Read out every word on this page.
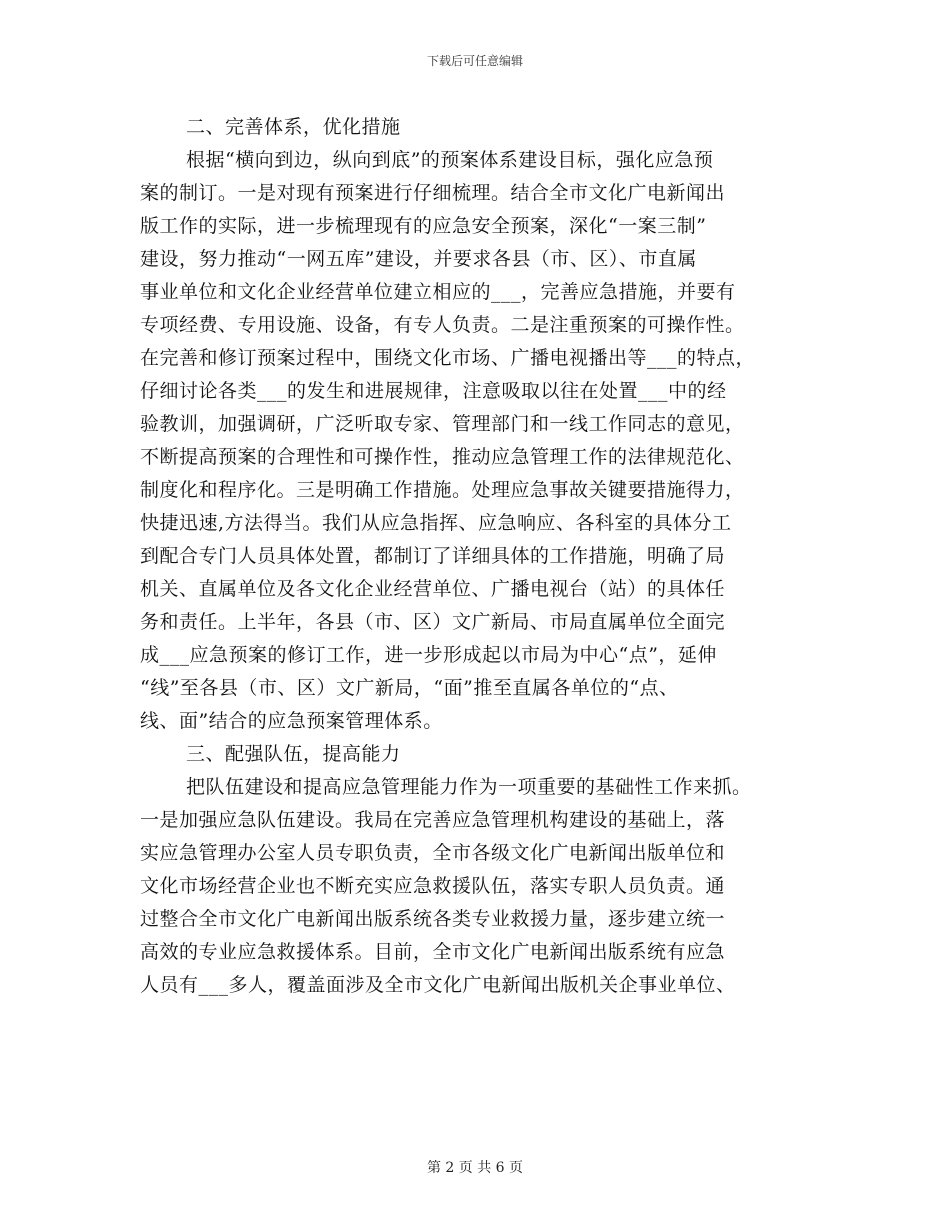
下载后可任意编辑
二、完善体系，优化措施
根据“横向到边，纵向到底”的预案体系建设目标，强化应急预
案的制订。一是对现有预案进行仔细梳理。结合全市文化广电新闻出
版工作的实际，进一步梳理现有的应急安全预案，深化“一案三制”
建设，努力推动“一网五库”建设，并要求各县（市、区）、市直属
事业单位和文化企业经营单位建立相应的___，完善应急措施，并要有
专项经费、专用设施、设备，有专人负责。二是注重预案的可操作性。
在完善和修订预案过程中，围绕文化市场、广播电视播出等___的特点，
仔细讨论各类___的发生和进展规律，注意吸取以往在处置___中的经
验教训，加强调研，广泛听取专家、管理部门和一线工作同志的意见，
不断提高预案的合理性和可操作性，推动应急管理工作的法律规范化、
制度化和程序化。三是明确工作措施。处理应急事故关键要措施得力，
快捷迅速,方法得当。我们从应急指挥、应急响应、各科室的具体分工
到配合专门人员具体处置，都制订了详细具体的工作措施，明确了局
机关、直属单位及各文化企业经营单位、广播电视台（站）的具体任
务和责任。上半年，各县（市、区）文广新局、市局直属单位全面完
成___应急预案的修订工作，进一步形成起以市局为中心“点”，延伸
“线”至各县（市、区）文广新局，“面”推至直属各单位的“点、
线、面”结合的应急预案管理体系。
三、配强队伍，提高能力
把队伍建设和提高应急管理能力作为一项重要的基础性工作来抓。
一是加强应急队伍建设。我局在完善应急管理机构建设的基础上，落
实应急管理办公室人员专职负责，全市各级文化广电新闻出版单位和
文化市场经营企业也不断充实应急救援队伍，落实专职人员负责。通
过整合全市文化广电新闻出版系统各类专业救援力量，逐步建立统一
高效的专业应急救援体系。目前，全市文化广电新闻出版系统有应急
人员有___多人，覆盖面涉及全市文化广电新闻出版机关企事业单位、
第 2 页 共 6 页
